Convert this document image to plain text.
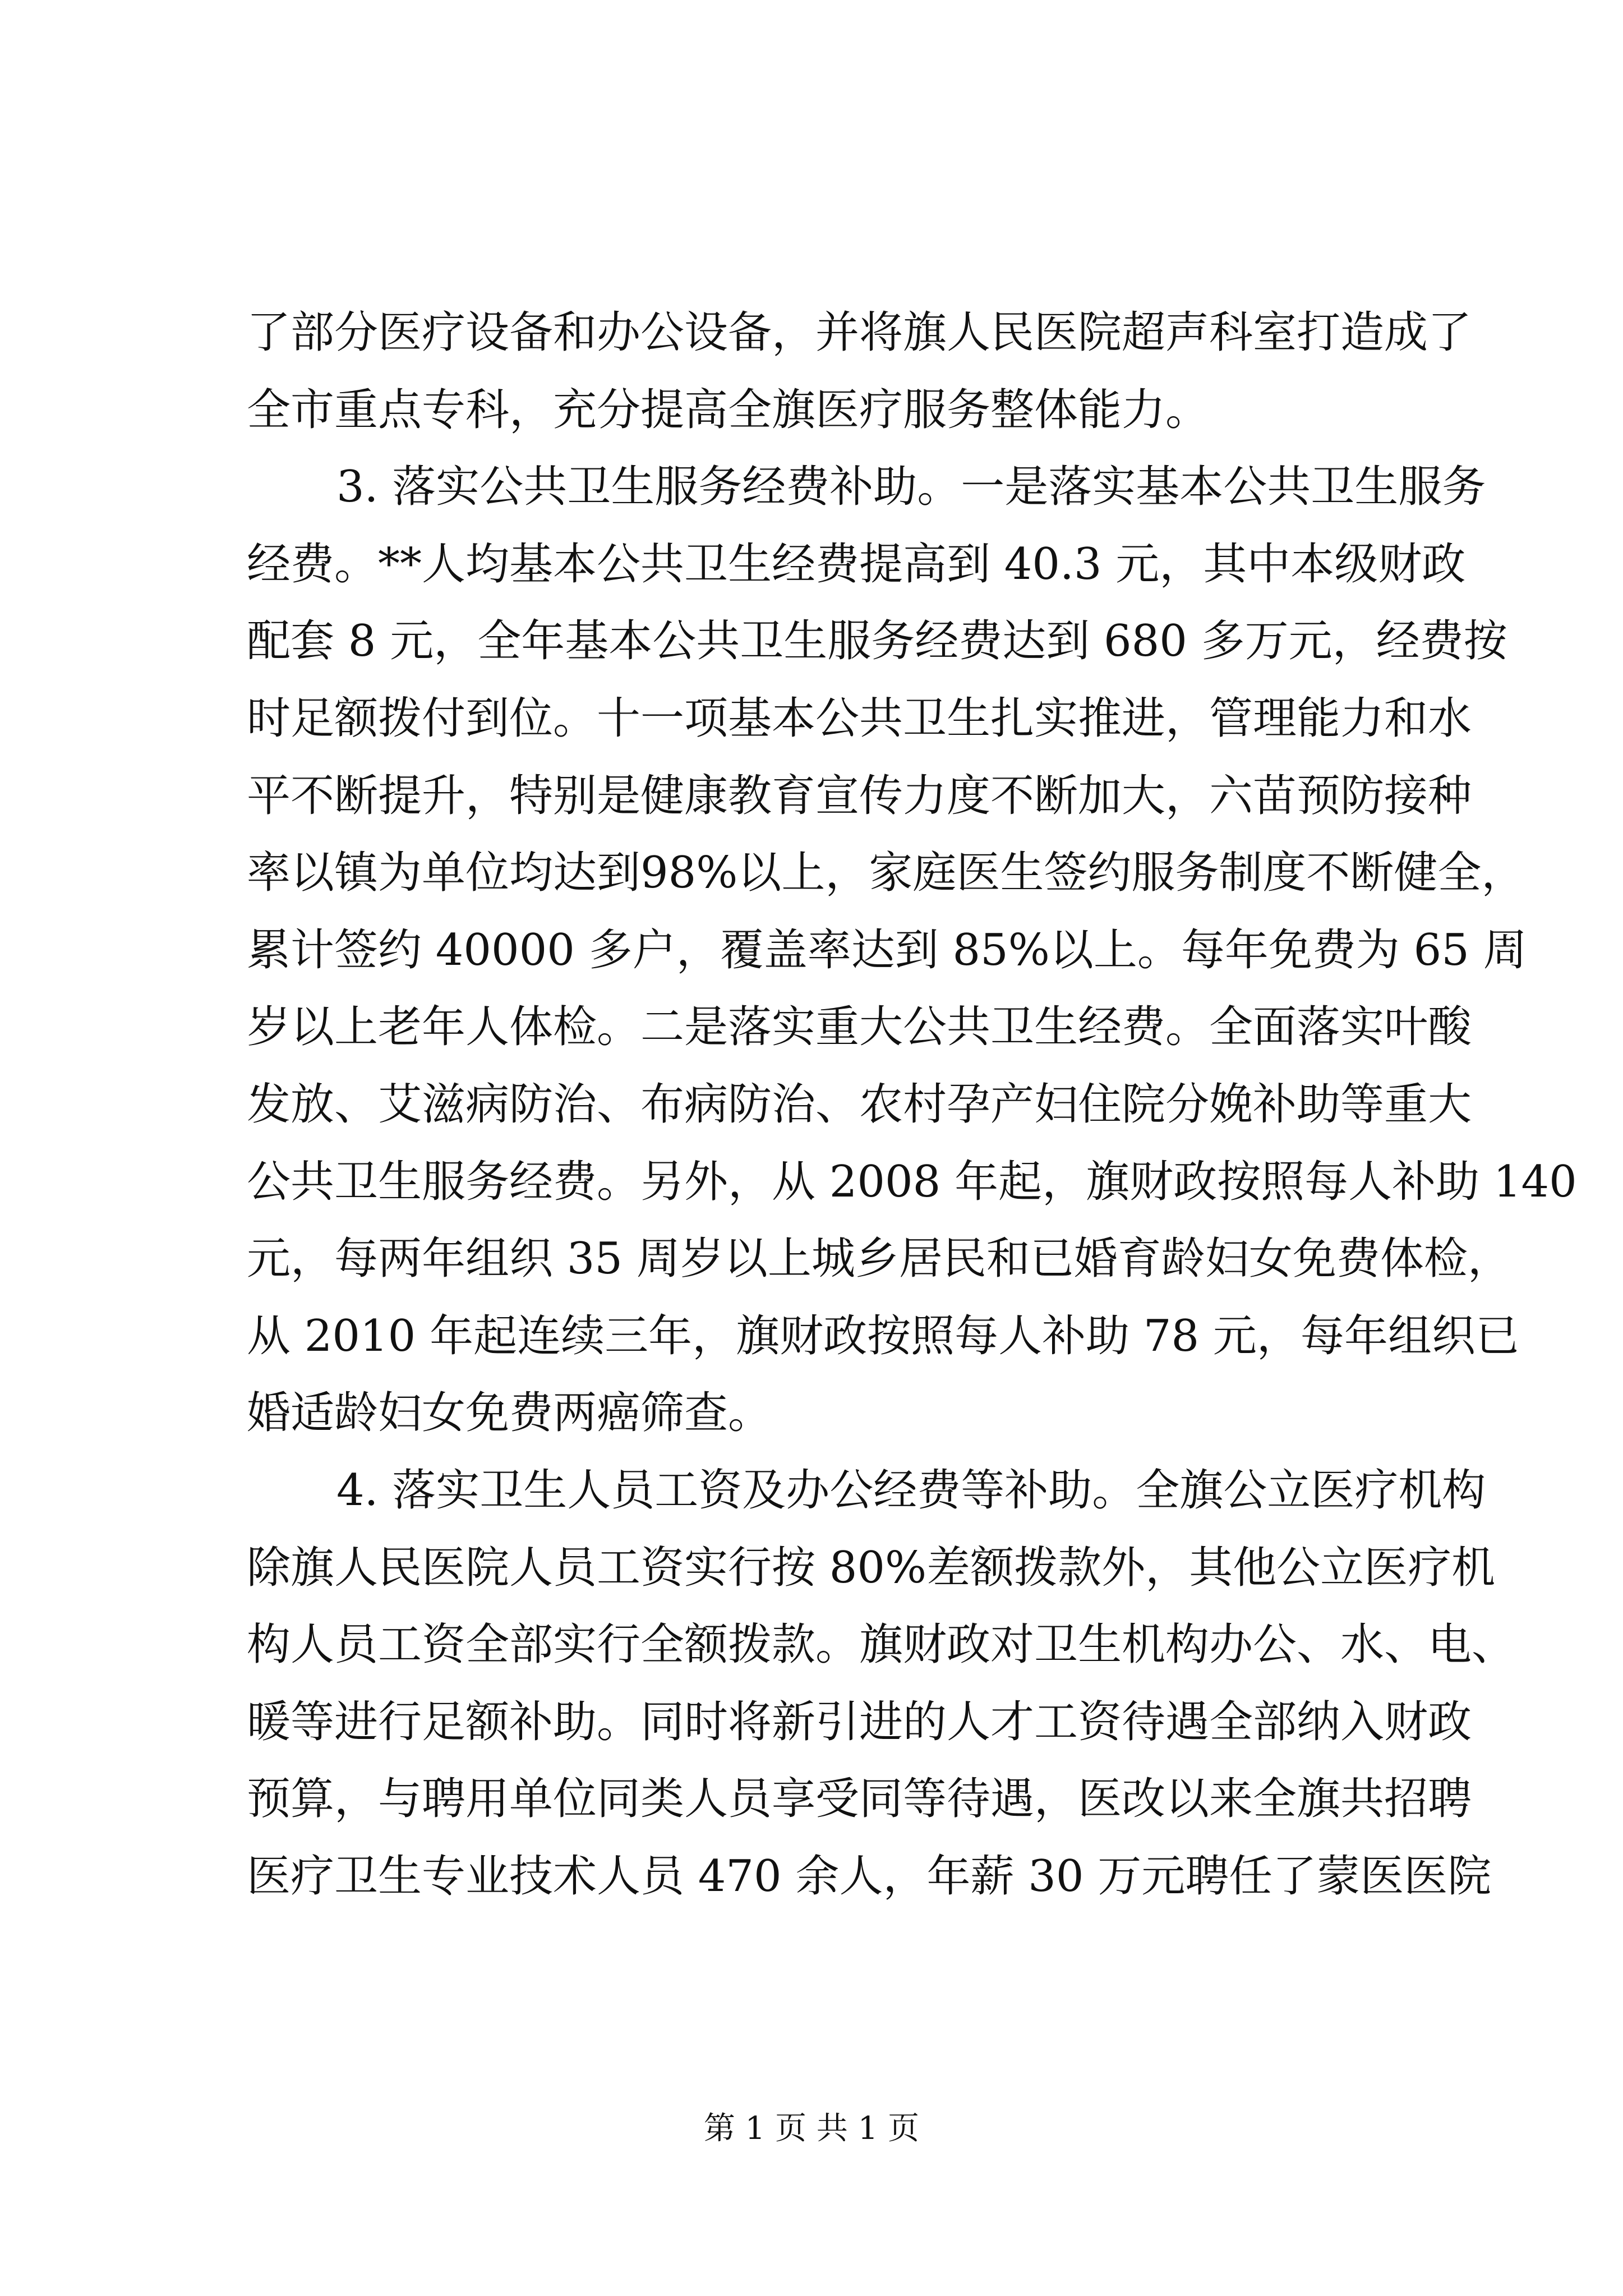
了部分医疗设备和办公设备，并将旗人民医院超声科室打造成了
全市重点专科，充分提高全旗医疗服务整体能力。
3. 落实公共卫生服务经费补助。一是落实基本公共卫生服务
经费。**人均基本公共卫生经费提高到 40.3 元，其中本级财政
配套 8 元，全年基本公共卫生服务经费达到 680 多万元，经费按
时足额拨付到位。十一项基本公共卫生扎实推进，管理能力和水
平不断提升，特别是健康教育宣传力度不断加大，六苗预防接种
率以镇为单位均达到98%以上，家庭医生签约服务制度不断健全，
累计签约 40000 多户，覆盖率达到 85%以上。每年免费为 65 周
岁以上老年人体检。二是落实重大公共卫生经费。全面落实叶酸
发放、艾滋病防治、布病防治、农村孕产妇住院分娩补助等重大
公共卫生服务经费。另外，从 2008 年起，旗财政按照每人补助 140
元，每两年组织 35 周岁以上城乡居民和已婚育龄妇女免费体检，
从 2010 年起连续三年，旗财政按照每人补助 78 元，每年组织已
婚适龄妇女免费两癌筛查。
4. 落实卫生人员工资及办公经费等补助。全旗公立医疗机构
除旗人民医院人员工资实行按 80%差额拨款外，其他公立医疗机
构人员工资全部实行全额拨款。旗财政对卫生机构办公、水、电、
暖等进行足额补助。同时将新引进的人才工资待遇全部纳入财政
预算，与聘用单位同类人员享受同等待遇，医改以来全旗共招聘
医疗卫生专业技术人员 470 余人，年薪 30 万元聘任了蒙医医院
第 1 页 共 1 页
